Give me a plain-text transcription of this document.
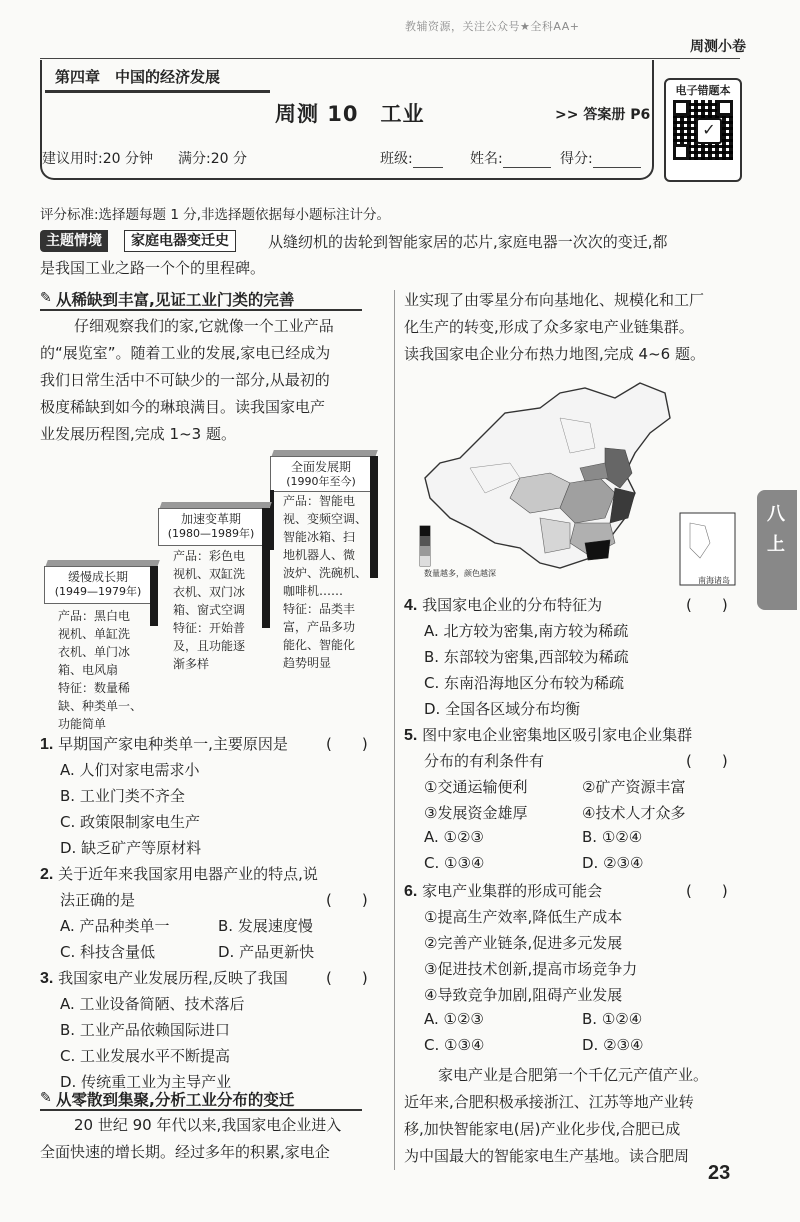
教辅资源，关注公众号★全科AA+
周测小卷
第四章　中国的经济发展
周测 10　工业	>> 答案册 P6
建议用时:20 分钟 满分:20 分	班级:	姓名:	得分:
电子错题本
✓
评分标准:选择题每题 1 分,非选择题依据每小题标注计分。
主题情境	家庭电器变迁史	从缝纫机的齿轮到智能家居的芯片,家庭电器一次次的变迁,都
是我国工业之路一个个的里程碑。
✎ 从稀缺到丰富,见证工业门类的完善
仔细观察我们的家,它就像一个工业产品
的“展览室”。随着工业的发展,家电已经成为
我们日常生活中不可缺少的一部分,从最初的
极度稀缺到如今的琳琅满目。读我国家电产
业发展历程图,完成 1~3 题。
全面发展期
(1990年至今)
加速变革期
(1980—1989年)
缓慢成长期
(1949—1979年)
产品：智能电
视、变频空调、
智能冰箱、扫
地机器人、微
波炉、洗碗机、
咖啡机……
特征：品类丰
富，产品多功
能化、智能化
趋势明显
产品：彩色电
视机、双缸洗
衣机、双门冰
箱、窗式空调
特征：开始普
及，且功能逐
渐多样
产品：黑白电
视机、单缸洗
衣机、单门冰
箱、电风扇
特征：数量稀
缺、种类单一、
功能简单
1. 早期国产家电种类单一,主要原因是	(　　)
A. 人们对家电需求小
B. 工业门类不齐全
C. 政策限制家电生产
D. 缺乏矿产等原材料
2. 关于近年来我国家用电器产业的特点,说
法正确的是	(　　)
A. 产品种类单一	B. 发展速度慢
C. 科技含量低	D. 产品更新快
3. 我国家电产业发展历程,反映了我国	(　　)
A. 工业设备简陋、技术落后
B. 工业产品依赖国际进口
C. 工业发展水平不断提高
D. 传统重工业为主导产业
✎ 从零散到集聚,分析工业分布的变迁
20 世纪 90 年代以来,我国家电企业进入
全面快速的增长期。经过多年的积累,家电企
业实现了由零星分布向基地化、规模化和工厂
化生产的转变,形成了众多家电产业链集群。
读我国家电企业分布热力地图,完成 4~6 题。
数量越多，颜色越深
南海诸岛
4. 我国家电企业的分布特征为	(　　)
A. 北方较为密集,南方较为稀疏
B. 东部较为密集,西部较为稀疏
C. 东南沿海地区分布较为稀疏
D. 全国各区域分布均衡
5. 图中家电企业密集地区吸引家电企业集群
分布的有利条件有	(　　)
①交通运输便利	②矿产资源丰富
③发展资金雄厚	④技术人才众多
A. ①②③	B. ①②④
C. ①③④	D. ②③④
6. 家电产业集群的形成可能会	(　　)
①提高生产效率,降低生产成本
②完善产业链条,促进多元发展
③促进技术创新,提高市场竞争力
④导致竞争加剧,阻碍产业发展
A. ①②③	B. ①②④
C. ①③④	D. ②③④
家电产业是合肥第一个千亿元产值产业。
近年来,合肥积极承接浙江、江苏等地产业转
移,加快智能家电(居)产业化步伐,合肥已成
为中国最大的智能家电生产基地。读合肥周
八
上
23
